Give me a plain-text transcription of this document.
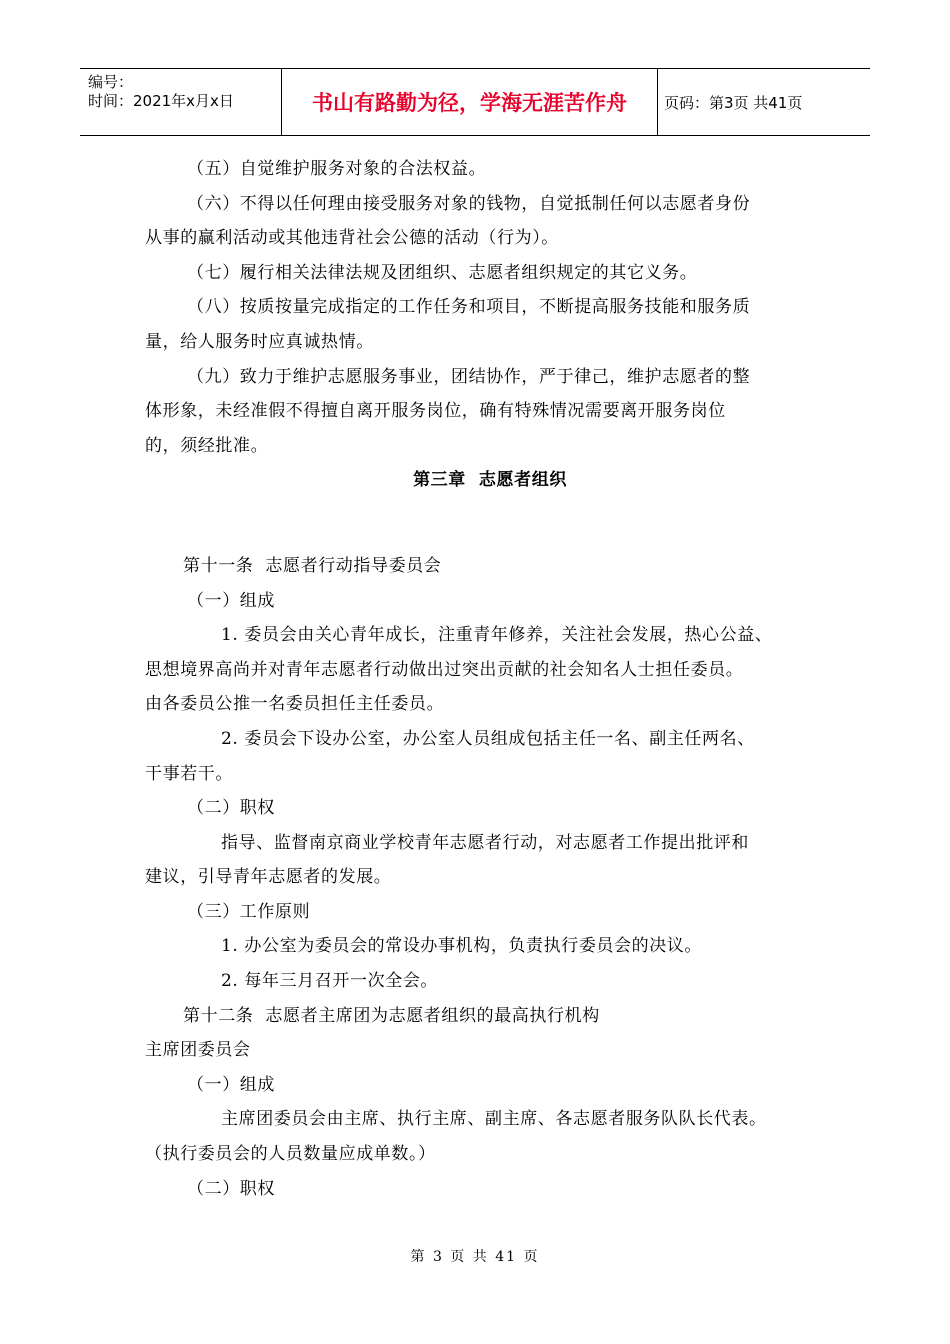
编号：
时间：2021年x月x日	书山有路勤为径，学海无涯苦作舟	页码：第3页 共41页
（五）自觉维护服务对象的合法权益。
（六）不得以任何理由接受服务对象的钱物，自觉抵制任何以志愿者身份
从事的赢利活动或其他违背社会公德的活动（行为）。
（七）履行相关法律法规及团组织、志愿者组织规定的其它义务。
（八）按质按量完成指定的工作任务和项目，不断提高服务技能和服务质
量，给人服务时应真诚热情。
（九）致力于维护志愿服务事业，团结协作，严于律己，维护志愿者的整
体形象，未经准假不得擅自离开服务岗位，确有特殊情况需要离开服务岗位
的，须经批准。
第三章  志愿者组织
第十一条  志愿者行动指导委员会
（一）组成
1. 委员会由关心青年成长，注重青年修养，关注社会发展，热心公益、
思想境界高尚并对青年志愿者行动做出过突出贡献的社会知名人士担任委员。
由各委员公推一名委员担任主任委员。
2. 委员会下设办公室，办公室人员组成包括主任一名、副主任两名、
干事若干。
（二）职权
指导、监督南京商业学校青年志愿者行动，对志愿者工作提出批评和
建议，引导青年志愿者的发展。
（三）工作原则
1. 办公室为委员会的常设办事机构，负责执行委员会的决议。
2. 每年三月召开一次全会。
第十二条  志愿者主席团为志愿者组织的最高执行机构
主席团委员会
（一）组成
主席团委员会由主席、执行主席、副主席、各志愿者服务队队长代表。
（执行委员会的人员数量应成单数。）
（二）职权
第 3 页 共 41 页
